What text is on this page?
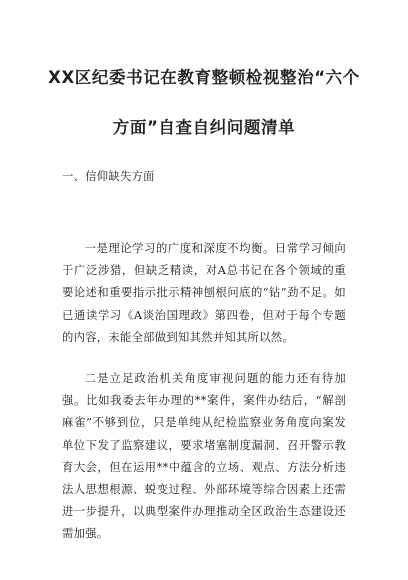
XX区纪委书记在教育整顿检视整治“六个
方面”自查自纠问题清单

一、信仰缺失方面

一是理论学习的广度和深度不均衡。日常学习倾向于广泛涉猎，但缺乏精读，对A总书记在各个领域的重要论述和重要指示批示精神刨根问底的“钻”劲不足。如已通读学习《A谈治国理政》第四卷，但对于每个专题的内容，未能全部做到知其然并知其所以然。

二是立足政治机关角度审视问题的能力还有待加强。比如我委去年办理的**案件，案件办结后，“解剖麻雀”不够到位，只是单纯从纪检监察业务角度向案发单位下发了监察建议，要求堵塞制度漏洞、召开警示教育大会，但在运用**中蕴含的立场、观点、方法分析违法人思想根源、蜕变过程、外部环境等综合因素上还需进一步提升，以典型案件办理推动全区政治生态建设还需加强。
